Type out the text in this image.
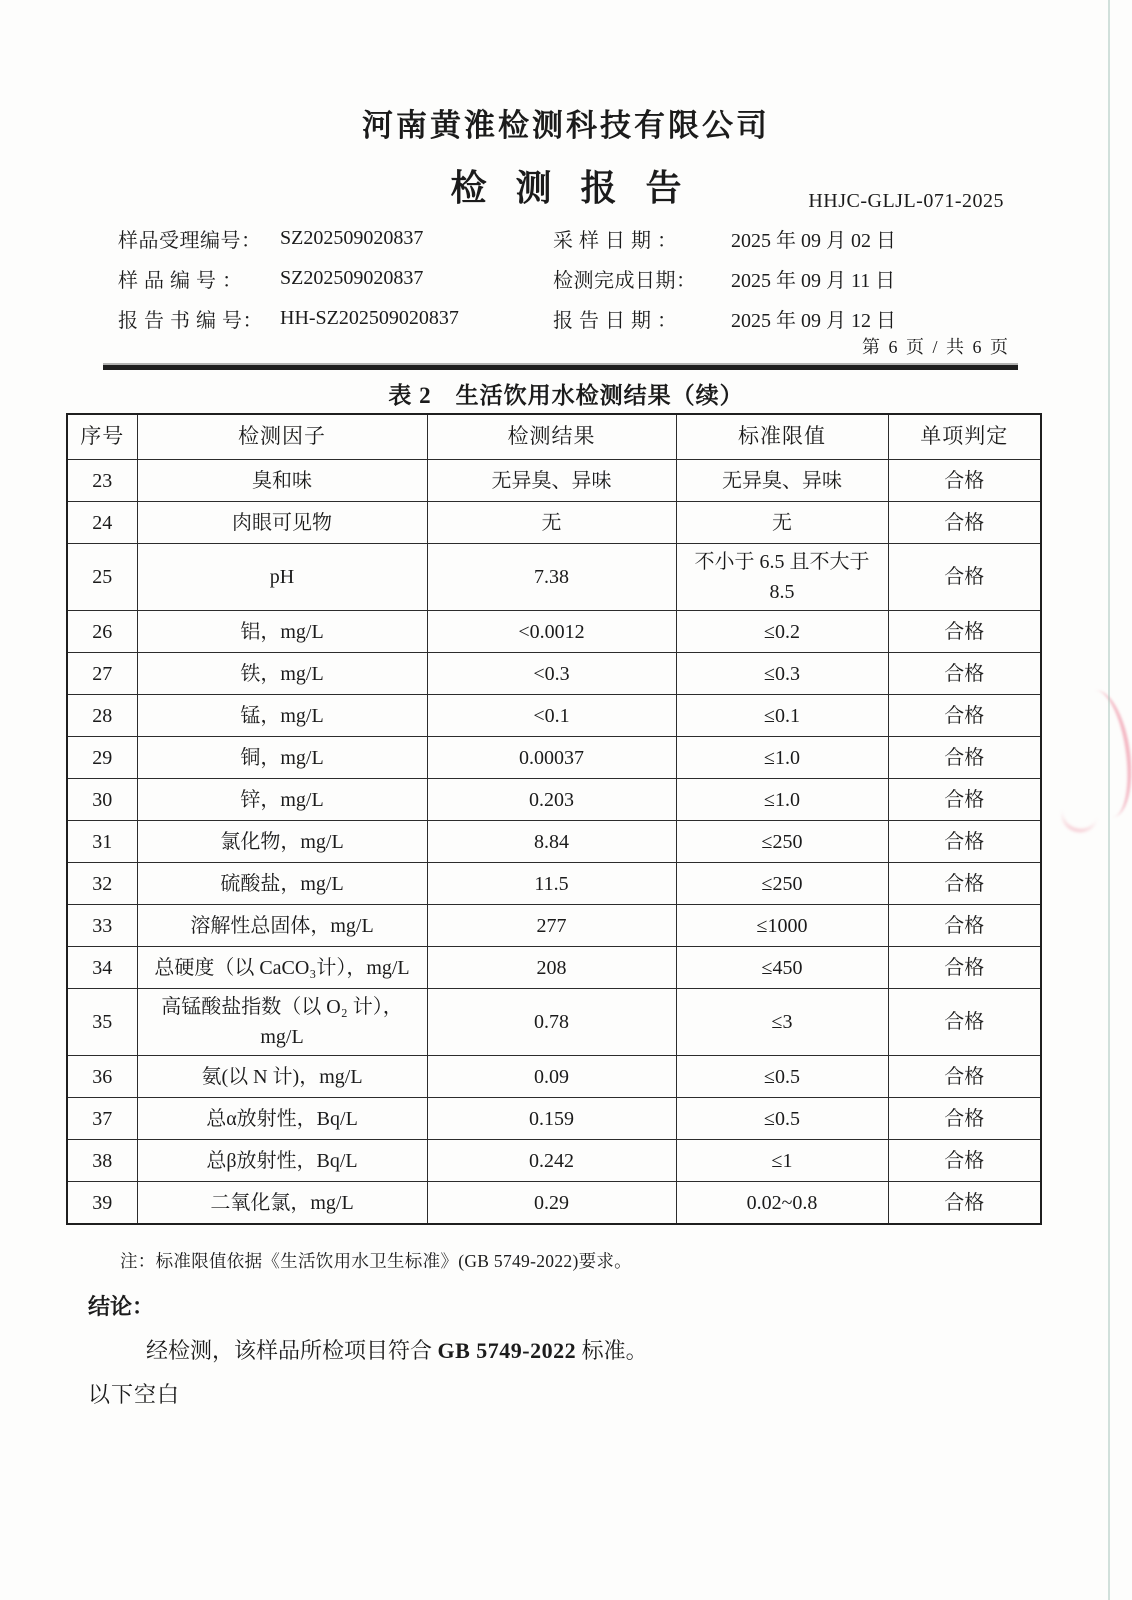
河南黄淮检测科技有限公司
检 测 报 告	HHJC-GLJL-071-2025
样品受理编号： SZ202509020837	采 样 日 期 ：	2025 年 09 月 02 日
样 品 编 号 ：	SZ202509020837	检测完成日期：	2025 年 09 月 11 日
报 告 书 编 号： HH-SZ202509020837	报 告 日 期 ：	2025 年 09 月 12 日
第 6 页 / 共 6 页
表 2　生活饮用水检测结果（续）
序号	检测因子	检测结果	标准限值	单项判定
23	臭和味	无异臭、异味	无异臭、异味	合格
24	肉眼可见物	无	无	合格
25	pH	7.38	不小于 6.5 且不大于 8.5	合格
26	铝，mg/L	<0.0012	≤0.2	合格
27	铁，mg/L	<0.3	≤0.3	合格
28	锰，mg/L	<0.1	≤0.1	合格
29	铜，mg/L	0.00037	≤1.0	合格
30	锌，mg/L	0.203	≤1.0	合格
31	氯化物，mg/L	8.84	≤250	合格
32	硫酸盐，mg/L	11.5	≤250	合格
33	溶解性总固体，mg/L	277	≤1000	合格
34	总硬度（以 CaCO₃计），mg/L	208	≤450	合格
35	高锰酸盐指数（以 O₂ 计）， mg/L	0.78	≤3	合格
36	氨(以 N 计)，mg/L	0.09	≤0.5	合格
37	总α放射性，Bq/L	0.159	≤0.5	合格
38	总β放射性，Bq/L	0.242	≤1	合格
39	二氧化氯，mg/L	0.29	0.02~0.8	合格
注：标准限值依据《生活饮用水卫生标准》(GB 5749-2022)要求。
结论：
经检测，该样品所检项目符合 GB 5749-2022 标准。
以下空白
